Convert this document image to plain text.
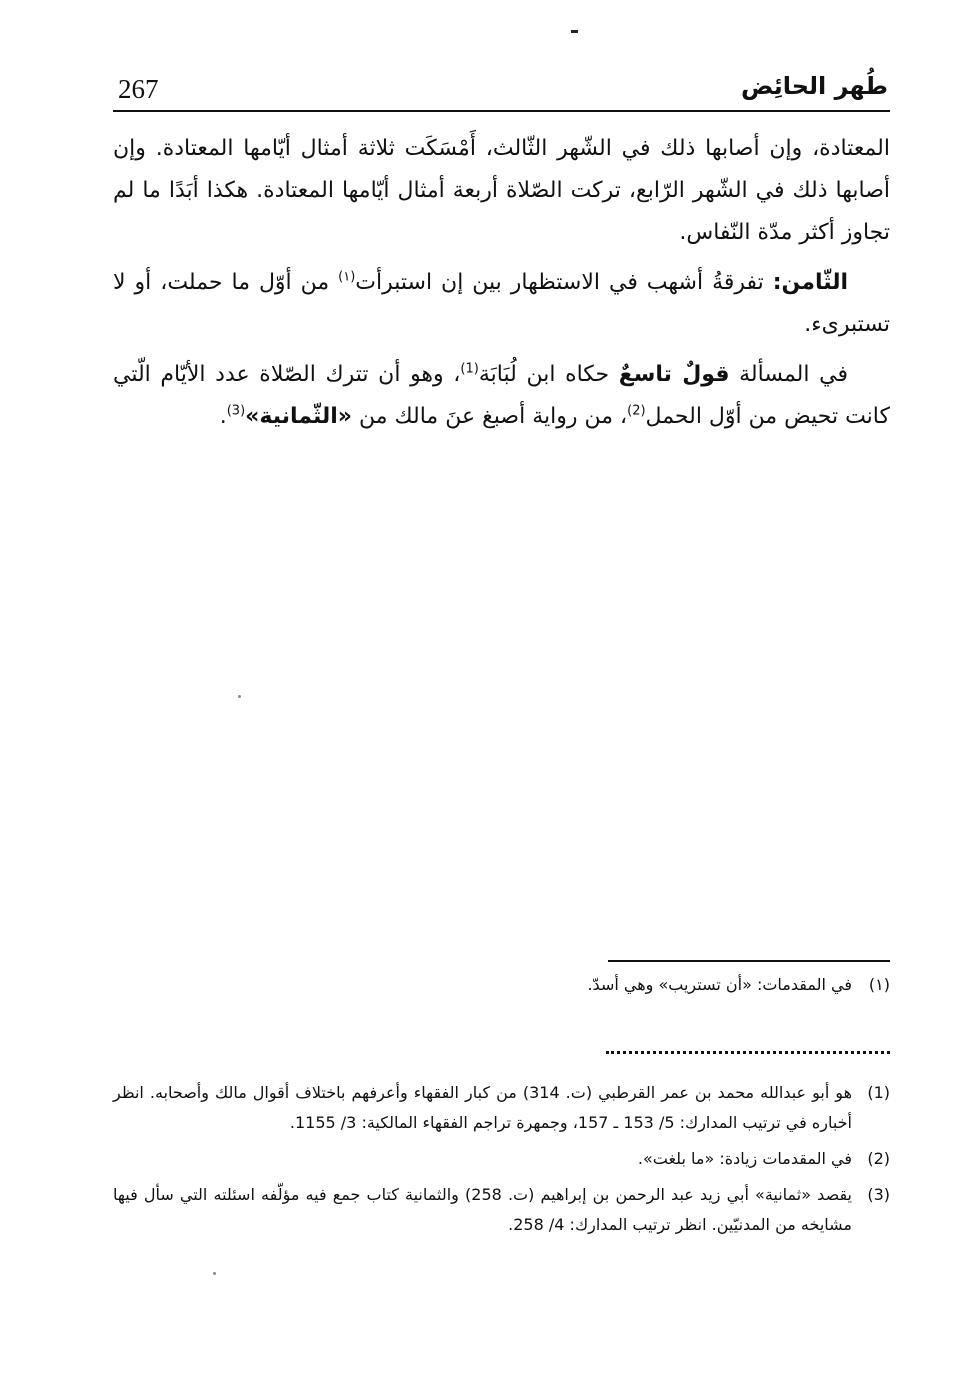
267	طُهر الحائِض

المعتادة، وإن أصابها ذلك في الشّهر الثّالث، أَمْسَكَت ثلاثة أمثال أيّامها المعتادة. وإن أصابها ذلك في الشّهر الرّابع، تركت الصّلاة أربعة أمثال أيّامها المعتادة. هكذا أبَدًا ما لم تجاوز أكثر مدّة النّفاس.

الثّامن: تفرقةُ أشهب في الاستظهار بين إن استبرأت$^{(١)}$ من أوّل ما حملت، أو لا تستبرىء.

في المسألة قولٌ تاسعٌ حكاه ابن لُبَابَة$^{(1)}$، وهو أن تترك الصّلاة عدد الأيّام الّتي كانت تحيض من أوّل الحمل$^{(2)}$، من رواية أصبغ عنَ مالك من «الثّمانية»$^{(3)}$.

(١)
في المقدمات: «أن تستريب» وهي أسدّ.
(1)
هو أبو عبدالله محمد بن عمر القرطبي (ت. 314) من كبار الفقهاء وأعرفهم باختلاف أقوال مالك وأصحابه. انظر أخباره في ترتيب المدارك: 5/ 153 ـ 157، وجمهرة تراجم الفقهاء المالكية: 3/ 1155.
(2)
في المقدمات زيادة: «ما بلغت».
(3)
يقصد «ثمانية» أبي زيد عبد الرحمن بن إبراهيم (ت. 258) والثمانية كتاب جمع فيه مؤلّفه اسئلته التي سأل فيها مشايخه من المدنيّين. انظر ترتيب المدارك: 4/ 258.
